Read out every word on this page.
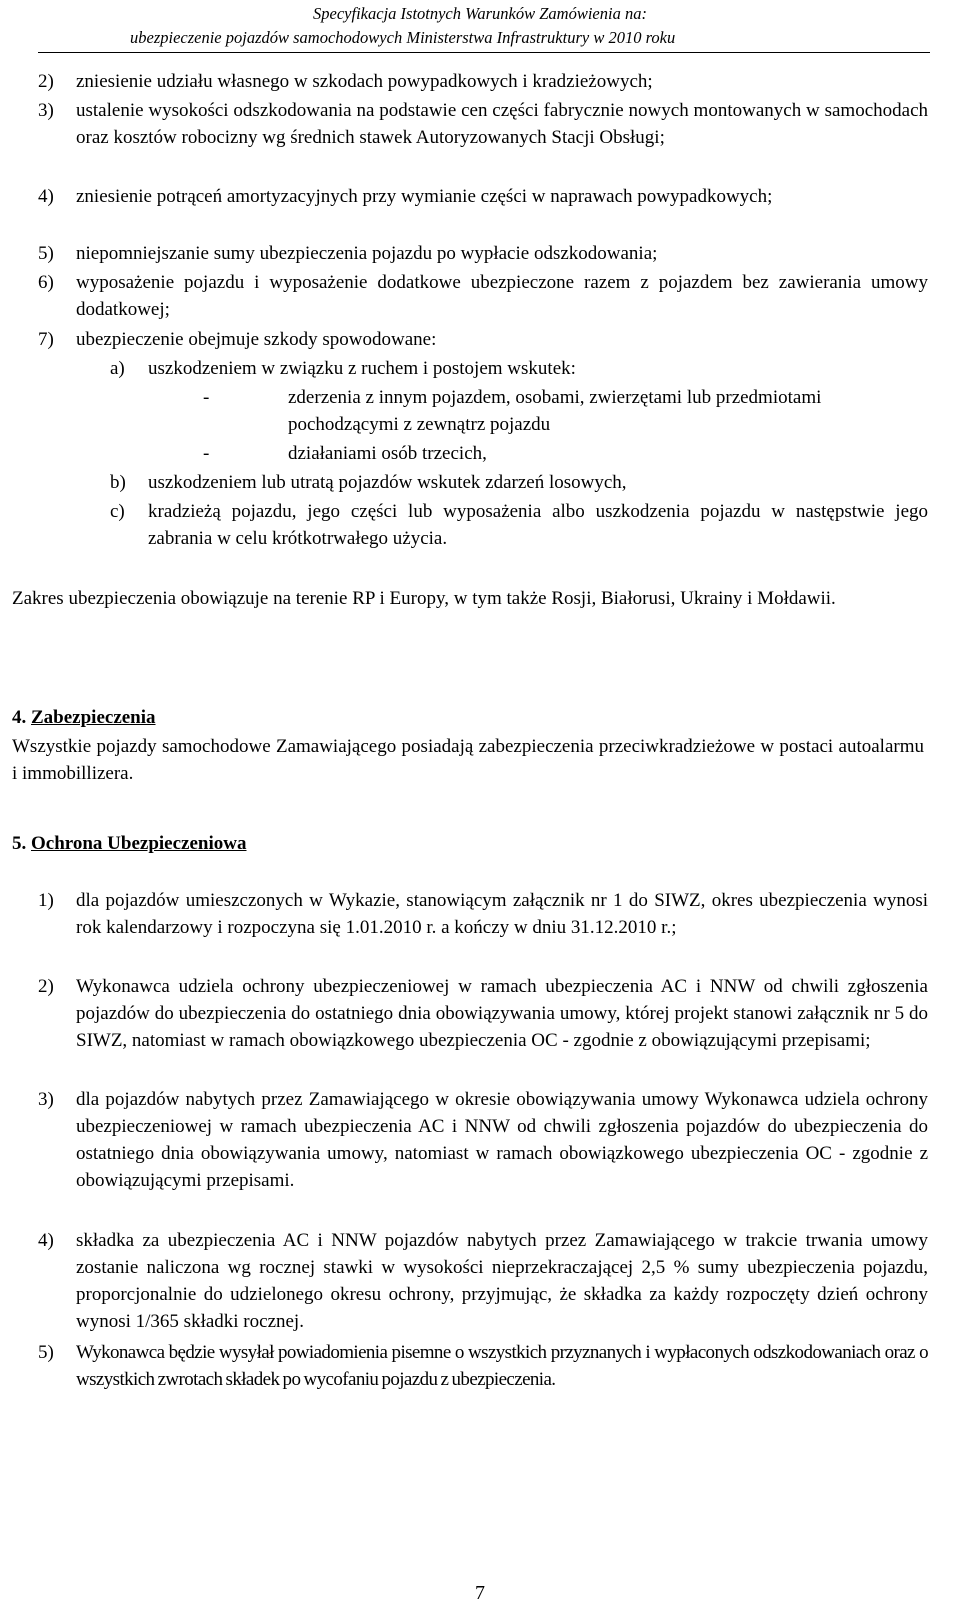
Specyfikacja Istotnych Warunków Zamówienia na:
ubezpieczenie pojazdów samochodowych Ministerstwa Infrastruktury w 2010 roku
2) zniesienie udziału własnego w szkodach powypadkowych i kradzieżowych;
3) ustalenie wysokości odszkodowania na podstawie cen części fabrycznie nowych montowanych w samochodach oraz kosztów robocizny wg średnich stawek Autoryzowanych Stacji Obsługi;
4) zniesienie potrąceń amortyzacyjnych przy wymianie części w naprawach powypadkowych;
5) niepomniejszanie sumy ubezpieczenia pojazdu po wypłacie odszkodowania;
6) wyposażenie pojazdu i wyposażenie dodatkowe ubezpieczone razem z pojazdem bez zawierania umowy dodatkowej;
7) ubezpieczenie obejmuje szkody spowodowane:
a) uszkodzeniem w związku z ruchem i postojem wskutek:
-	zderzenia z innym pojazdem, osobami, zwierzętami lub przedmiotami pochodzącymi z zewnątrz pojazdu
-	działaniami osób trzecich,
b) uszkodzeniem lub utratą pojazdów wskutek zdarzeń losowych,
c) kradzieżą pojazdu, jego części lub wyposażenia albo uszkodzenia pojazdu w następstwie jego zabrania w celu krótkotrwałego użycia.
Zakres ubezpieczenia obowiązuje na terenie RP i Europy, w tym także Rosji, Białorusi, Ukrainy i Mołdawii.
4. Zabezpieczenia
Wszystkie pojazdy samochodowe Zamawiającego posiadają zabezpieczenia przeciwkradzieżowe w postaci autoalarmu i immobillizera.
5. Ochrona Ubezpieczeniowa
1) dla pojazdów umieszczonych w Wykazie, stanowiącym załącznik nr 1 do SIWZ, okres ubezpieczenia wynosi rok kalendarzowy i rozpoczyna się 1.01.2010 r. a kończy w dniu 31.12.2010 r.;
2) Wykonawca udziela ochrony ubezpieczeniowej w ramach ubezpieczenia AC i NNW od chwili zgłoszenia pojazdów do ubezpieczenia do ostatniego dnia obowiązywania umowy, której projekt stanowi załącznik nr 5 do SIWZ, natomiast w ramach obowiązkowego ubezpieczenia OC - zgodnie z obowiązującymi przepisami;
3) dla pojazdów nabytych przez Zamawiającego w okresie obowiązywania umowy Wykonawca udziela ochrony ubezpieczeniowej w ramach ubezpieczenia AC i NNW od chwili zgłoszenia pojazdów do ubezpieczenia do ostatniego dnia obowiązywania umowy, natomiast w ramach obowiązkowego ubezpieczenia OC - zgodnie z obowiązującymi przepisami.
4) składka za ubezpieczenia AC i NNW pojazdów nabytych przez Zamawiającego w trakcie trwania umowy zostanie naliczona wg rocznej stawki w wysokości nieprzekraczającej 2,5 % sumy ubezpieczenia pojazdu, proporcjonalnie do udzielonego okresu ochrony, przyjmując, że składka za każdy rozpoczęty dzień ochrony wynosi 1/365 składki rocznej.
5) Wykonawca będzie wysyłał powiadomienia pisemne o wszystkich przyznanych i wypłaconych odszkodowaniach oraz o wszystkich zwrotach składek po wycofaniu pojazdu z ubezpieczenia.
7
